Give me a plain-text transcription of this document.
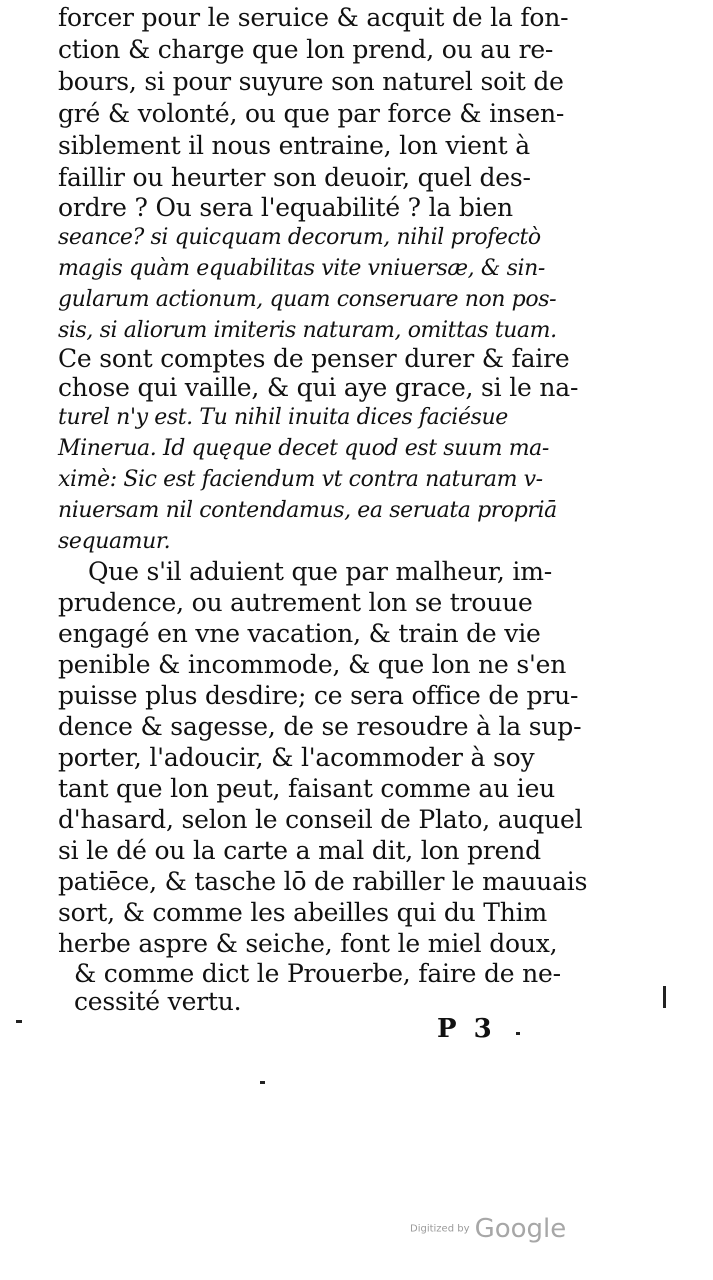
forcer pour le seruice & acquit de la fon-
ction & charge que lon prend, ou au re-
bours, si pour suyure son naturel soit de
gré & volonté, ou que par force & insen-
siblement il nous entraine, lon vient à
faillir ou heurter son deuoir, quel des-
ordre ? Ou sera l'equabilité ? la bien
seance? si quicquam decorum, nihil profectò
magis quàm equabilitas vite vniuersæ, & sin-
gularum actionum, quam conseruare non pos-
sis, si aliorum imiteris naturam, omittas tuam.
Ce sont comptes de penser durer & faire
chose qui vaille, & qui aye grace, si le na-
turel n'y est. Tu nihil inuita dices faciésue
Minerua. Id quęque decet quod est suum ma-
ximè: Sic est faciendum vt contra naturam v-
niuersam nil contendamus, ea seruata propriā
sequamur.
Que s'il aduient que par malheur, im-
prudence, ou autrement lon se trouue
engagé en vne vacation, & train de vie
penible & incommode, & que lon ne s'en
puisse plus desdire; ce sera office de pru-
dence & sagesse, de se resoudre à la sup-
porter, l'adoucir, & l'acommoder à soy
tant que lon peut, faisant comme au ieu
d'hasard, selon le conseil de Plato, auquel
si le dé ou la carte a mal dit, lon prend
patiēce, & tasche lō de rabiller le mauuais
sort, & comme les abeilles qui du Thim
herbe aspre & seiche, font le miel doux,
& comme dict le Prouerbe, faire de ne-
cessité vertu.
P 3
Digitized by Google
